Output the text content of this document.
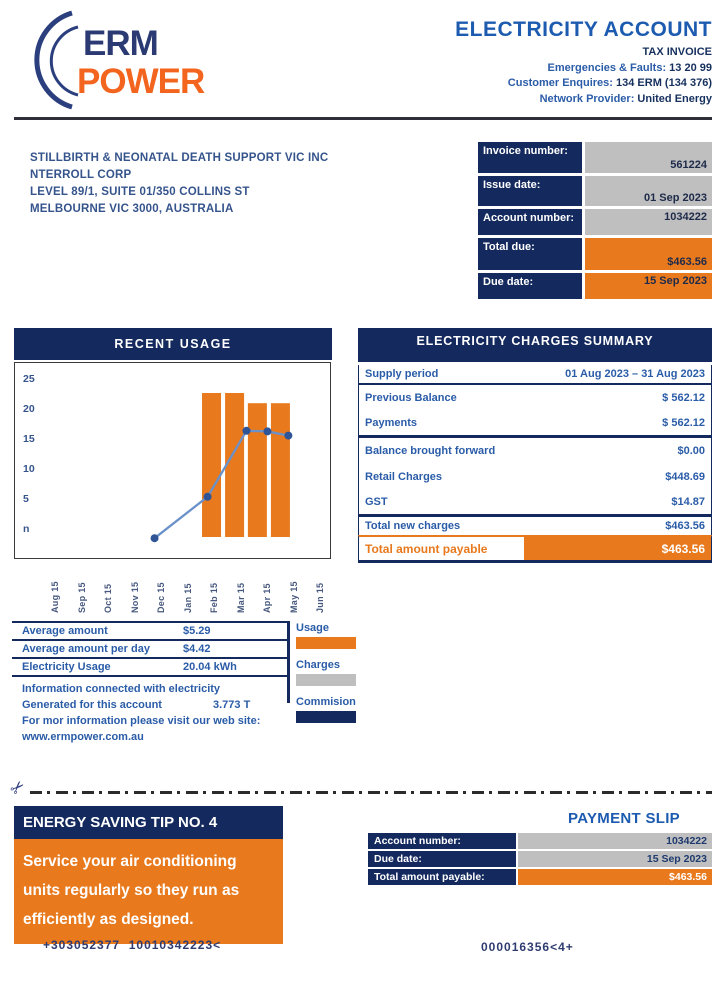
ERM
POWER
ELECTRICITY ACCOUNT
TAX INVOICE
Emergencies & Faults: 13 20 99
Customer Enquires: 134 ERM (134 376)
Network Provider: United Energy
STILLBIRTH & NEONATAL DEATH SUPPORT VIC INC
NTERROLL CORP
LEVEL 89/1, SUITE 01/350 COLLINS ST
MELBOURNE VIC 3000, AUSTRALIA
Invoice number:
561224
Issue date:
01 Sep 2023
Account number:	1034222
Total due:
$463.56
Due date:	15 Sep 2023
RECENT USAGE
25
20
15
10
5
n
Aug 15 Sep 15 Oct 15 Nov 15 Dec 15 Jan 15 Feb 15 Mar 15 Apr 15 May 15 Jun 15
ELECTRICITY CHARGES SUMMARY
Supply period	01 Aug 2023 – 31 Aug 2023
Previous Balance	$ 562.12
Payments	$ 562.12
Balance brought forward	$0.00
Retail Charges	$448.69
GST	$14.87
Total new charges	$463.56
Total amount payable	$463.56
Average amount	$5.29
Average amount per day	$4.42
Electricity Usage	20.04 kWh
Information connected with electricity
Generated for this account	3.773 T
For mor information please visit our web site:
www.ermpower.com.au
Usage
Charges
Commision
✂
ENERGY SAVING TIP NO. 4
Service your air conditioning
units regularly so they run as
efficiently as designed.
PAYMENT SLIP
Account number:	1034222
Due date:	15 Sep 2023
Total amount payable:	$463.56
+303052377  10010342223<	000016356<4+
